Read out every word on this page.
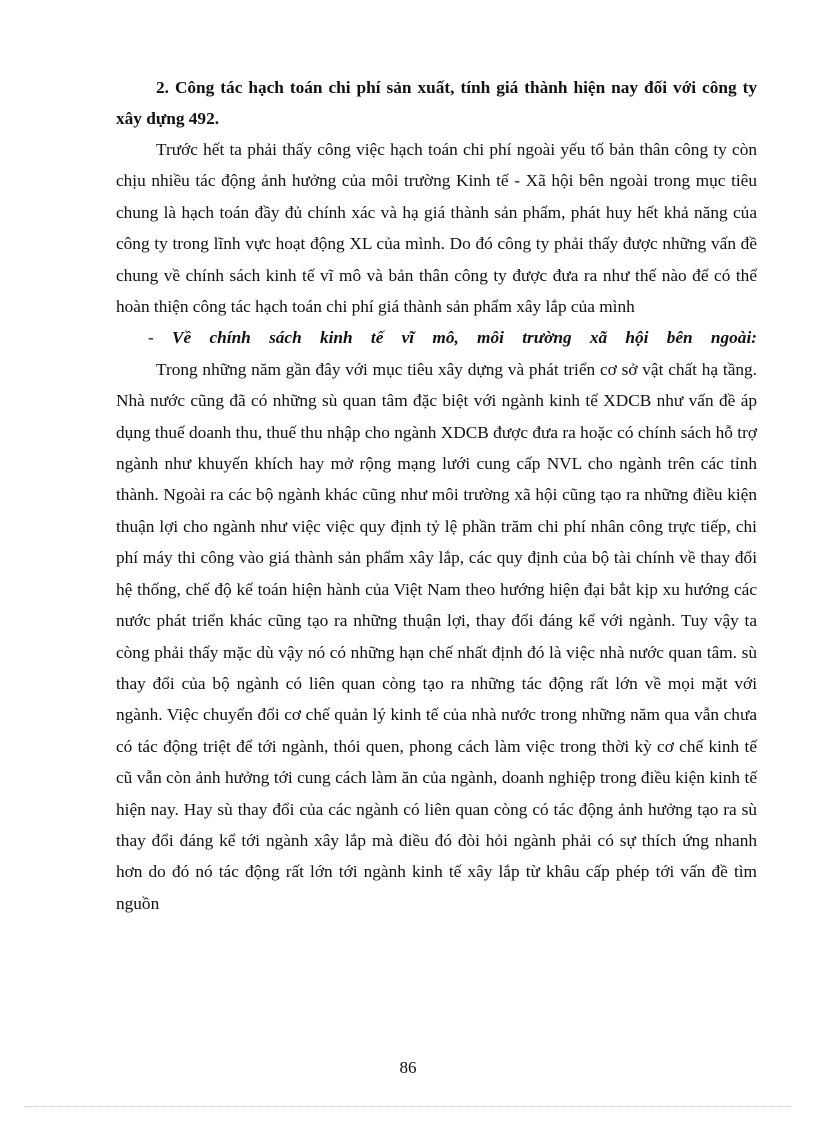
2. Công tác hạch toán chi phí sản xuất, tính giá thành hiện nay đối với công ty xây dựng 492.

Trước hết ta phải thấy công việc hạch toán chi phí ngoài yếu tố bản thân công ty còn chịu nhiều tác động ảnh hưởng của môi trường Kinh tế - Xã hội bên ngoài trong mục tiêu chung là hạch toán đầy đủ chính xác và hạ giá thành sản phẩm, phát huy hết khả năng của công ty trong lĩnh vực hoạt động XL của mình. Do đó công ty phải thấy được những vấn đề chung về chính sách kinh tế vĩ mô và bản thân công ty được đưa ra như thế nào để có thể hoàn thiện công tác hạch toán chi phí giá thành sản phẩm xây lắp của mình

- Về chính sách kinh tế vĩ mô, môi trường xã hội bên ngoài:

Trong những năm gần đây với mục tiêu xây dựng và phát triển cơ sở vật chất hạ tầng. Nhà nước cũng đã có những sù quan tâm đặc biệt với ngành kinh tế XDCB như vấn đề áp dụng thuế doanh thu, thuế thu nhập cho ngành XDCB được đưa ra hoặc có chính sách hỗ trợ ngành như khuyến khích hay mở rộng mạng lưới cung cấp NVL cho ngành trên các tỉnh thành. Ngoài ra các bộ ngành khác cũng như môi trường xã hội cũng tạo ra những điều kiện thuận lợi cho ngành như việc việc quy định tỷ lệ phần trăm chi phí nhân công trực tiếp, chi phí máy thi công vào giá thành sản phẩm xây lắp, các quy định của bộ tài chính về thay đổi hệ thống, chế độ kế toán hiện hành của Việt Nam theo hướng hiện đại bắt kịp xu hướng các nước phát triển khác cũng tạo ra những thuận lợi, thay đổi đáng kể với ngành. Tuy vậy ta còng phải thấy mặc dù vậy nó có những hạn chế nhất định đó là việc nhà nước quan tâm. sù thay đổi của bộ ngành có liên quan còng tạo ra những tác động rất lớn về mọi mặt với ngành. Việc chuyển đổi cơ chế quản lý kinh tế của nhà nước trong những năm qua vẫn chưa có tác động triệt để tới ngành, thói quen, phong cách làm việc trong thời kỳ cơ chế kinh tế cũ vẫn còn ảnh hưởng tới cung cách làm ăn của ngành, doanh nghiệp trong điều kiện kinh tế hiện nay. Hay sù thay đổi của các ngành có liên quan còng có tác động ảnh hưởng tạo ra sù thay đổi đáng kể tới ngành xây lắp mà điều đó đòi hỏi ngành phải có sự thích ứng nhanh hơn do đó nó tác động rất lớn tới ngành kinh tế xây lắp từ khâu cấp phép tới vấn đề tìm nguồn

86
